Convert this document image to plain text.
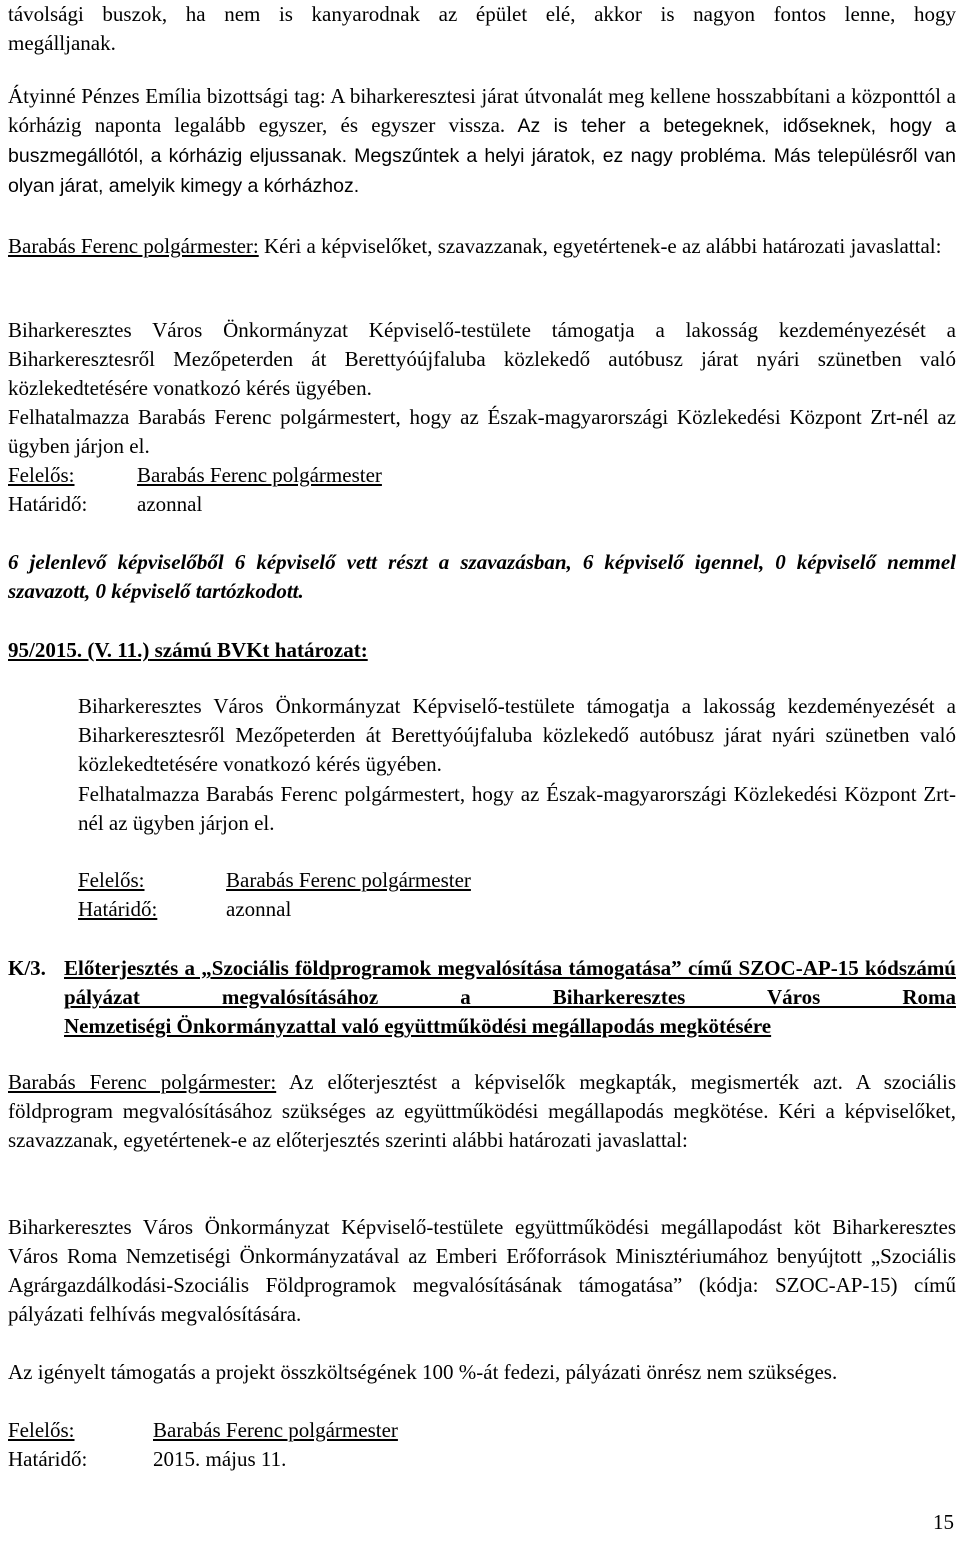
távolsági buszok, ha nem is kanyarodnak az épület elé, akkor is nagyon fontos lenne, hogy
megálljanak.
Átyinné Pénzes Emília bizottsági tag: A biharkeresztesi járat útvonalát meg kellene hosszabbítani a központtól a kórházig naponta legalább egyszer, és egyszer vissza. Az is teher a betegeknek, időseknek, hogy a buszmegállótól, a kórházig eljussanak. Megszűntek a helyi járatok, ez nagy probléma. Más településről van olyan járat, amelyik kimegy a kórházhoz.
Barabás Ferenc polgármester: Kéri a képviselőket, szavazzanak, egyetértenek-e az alábbi határozati javaslattal:
Biharkeresztes Város Önkormányzat Képviselő-testülete támogatja a lakosság kezdeményezését a Biharkeresztesről Mezőpeterden át Berettyóújfaluba közlekedő autóbusz járat nyári szünetben való közlekedtetésére vonatkozó kérés ügyében.
Felhatalmazza Barabás Ferenc polgármestert, hogy az Észak-magyarországi Közlekedési Központ Zrt-nél az ügyben járjon el.
Felelős:	Barabás Ferenc polgármester
Határidő: azonnal
6 jelenlevő képviselőből 6 képviselő vett részt a szavazásban, 6 képviselő igennel, 0 képviselő nemmel szavazott, 0 képviselő tartózkodott.
95/2015. (V. 11.) számú BVKt határozat:
Biharkeresztes Város Önkormányzat Képviselő-testülete támogatja a lakosság kezdeményezését a Biharkeresztesről Mezőpeterden át Berettyóújfaluba közlekedő autóbusz járat nyári szünetben való közlekedtetésére vonatkozó kérés ügyében.
Felhatalmazza Barabás Ferenc polgármestert, hogy az Észak-magyarországi Közlekedési Központ Zrt-nél az ügyben járjon el.
Felelős:	Barabás Ferenc polgármester
Határidő:	azonnal
K/3. Előterjesztés a „Szociális földprogramok megvalósítása támogatása” című SZOC-AP-15 kódszámú pályázat megvalósításához a Biharkeresztes Város Roma
Nemzetiségi Önkormányzattal való együttműködési megállapodás megkötésére
Barabás Ferenc polgármester: Az előterjesztést a képviselők megkapták, megismerték azt. A szociális földprogram megvalósításához szükséges az együttműködési megállapodás megkötése. Kéri a képviselőket, szavazzanak, egyetértenek-e az előterjesztés szerinti alábbi határozati javaslattal:
Biharkeresztes Város Önkormányzat Képviselő-testülete együttműködési megállapodást köt Biharkeresztes Város Roma Nemzetiségi Önkormányzatával az Emberi Erőforrások Minisztériumához benyújtott „Szociális Agrárgazdálkodási-Szociális Földprogramok megvalósításának támogatása” (kódja: SZOC-AP-15) című pályázati felhívás megvalósítására.
Az igényelt támogatás a projekt összköltségének 100 %-át fedezi, pályázati önrész nem szükséges.
Felelős:	Barabás Ferenc polgármester
Határidő:	2015. május 11.
15
